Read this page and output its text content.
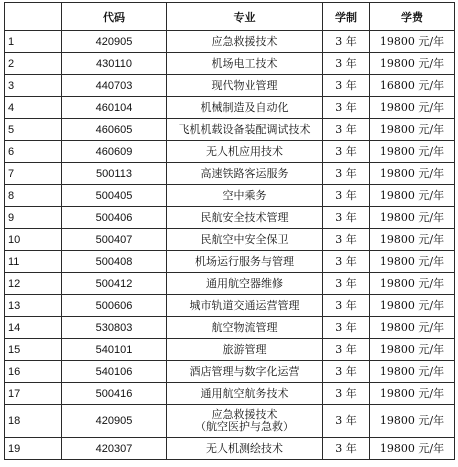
	代码	专业	学制	学费
1	420905	应急救援技术	3 年	19800 元/年
2	430110	机场电工技术	3 年	19800 元/年
3	440703	现代物业管理	3 年	16800 元/年
4	460104	机械制造及自动化	3 年	19800 元/年
5	460605	飞机机载设备装配调试技术	3 年	19800 元/年
6	460609	无人机应用技术	3 年	19800 元/年
7	500113	高速铁路客运服务	3 年	19800 元/年
8	500405	空中乘务	3 年	19800 元/年
9	500406	民航安全技术管理	3 年	19800 元/年
10	500407	民航空中安全保卫	3 年	19800 元/年
11	500408	机场运行服务与管理	3 年	19800 元/年
12	500412	通用航空器维修	3 年	19800 元/年
13	500606	城市轨道交通运营管理	3 年	19800 元/年
14	530803	航空物流管理	3 年	19800 元/年
15	540101	旅游管理	3 年	19800 元/年
16	540106	酒店管理与数字化运营	3 年	19800 元/年
17	500416	通用航空航务技术	3 年	19800 元/年
18	420905	应急救援技术
（航空医护与急救）	3 年	19800 元/年
19	420307	无人机测绘技术	3 年	19800 元/年
